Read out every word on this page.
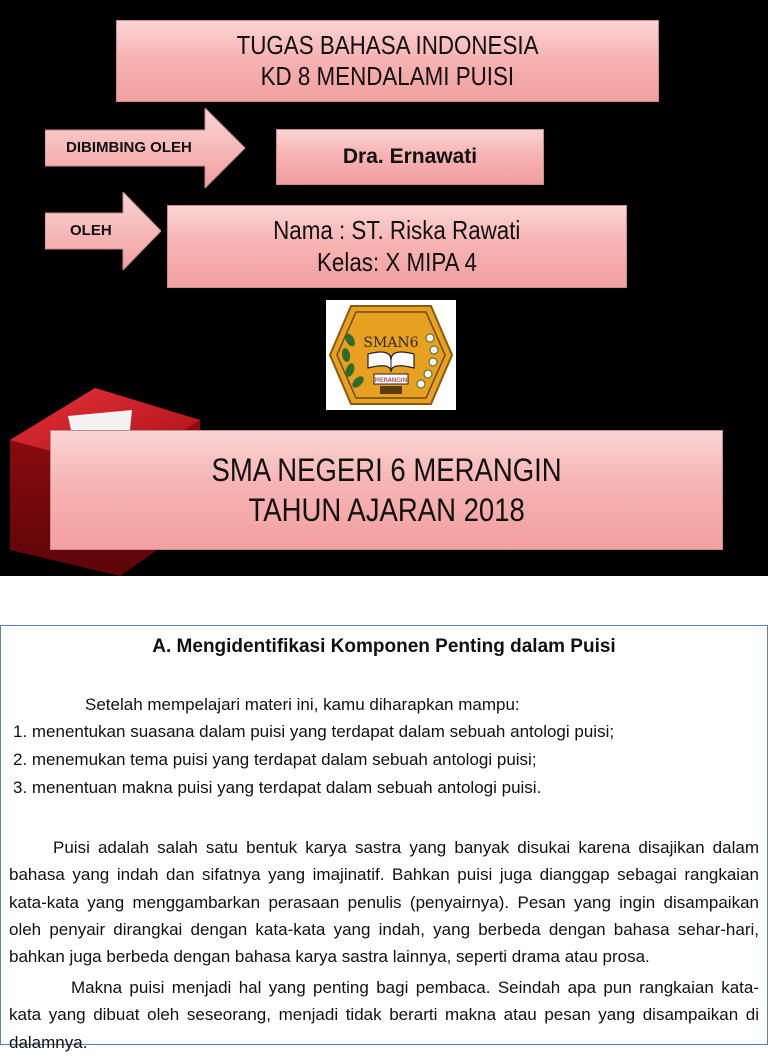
TUGAS BAHASA INDONESIA
KD 8 MENDALAMI PUISI
DIBIMBING OLEH	Dra. Ernawati
OLEH	Nama : ST. Riska Rawati
Kelas: X MIPA 4
SMAN6
MERANGIN
SMA NEGERI 6 MERANGIN
TAHUN AJARAN 2018
A. Mengidentifikasi Komponen Penting dalam Puisi
Setelah mempelajari materi ini, kamu diharapkan mampu:
1. menentukan suasana dalam puisi yang terdapat dalam sebuah antologi puisi;
2. menemukan tema puisi yang terdapat dalam sebuah antologi puisi;
3. menentuan makna puisi yang terdapat dalam sebuah antologi puisi.
Puisi adalah salah satu bentuk karya sastra yang banyak disukai karena disajikan dalam bahasa yang indah dan sifatnya yang imajinatif. Bahkan puisi juga dianggap sebagai rangkaian kata-kata yang menggambarkan perasaan penulis (penyairnya). Pesan yang ingin disampaikan oleh penyair dirangkai dengan kata-kata yang indah, yang berbeda dengan bahasa sehar-hari, bahkan juga berbeda dengan bahasa karya sastra lainnya, seperti drama atau prosa.
Makna puisi menjadi hal yang penting bagi pembaca. Seindah apa pun rangkaian kata-kata yang dibuat oleh seseorang, menjadi tidak berarti makna atau pesan yang disampaikan di dalamnya.
